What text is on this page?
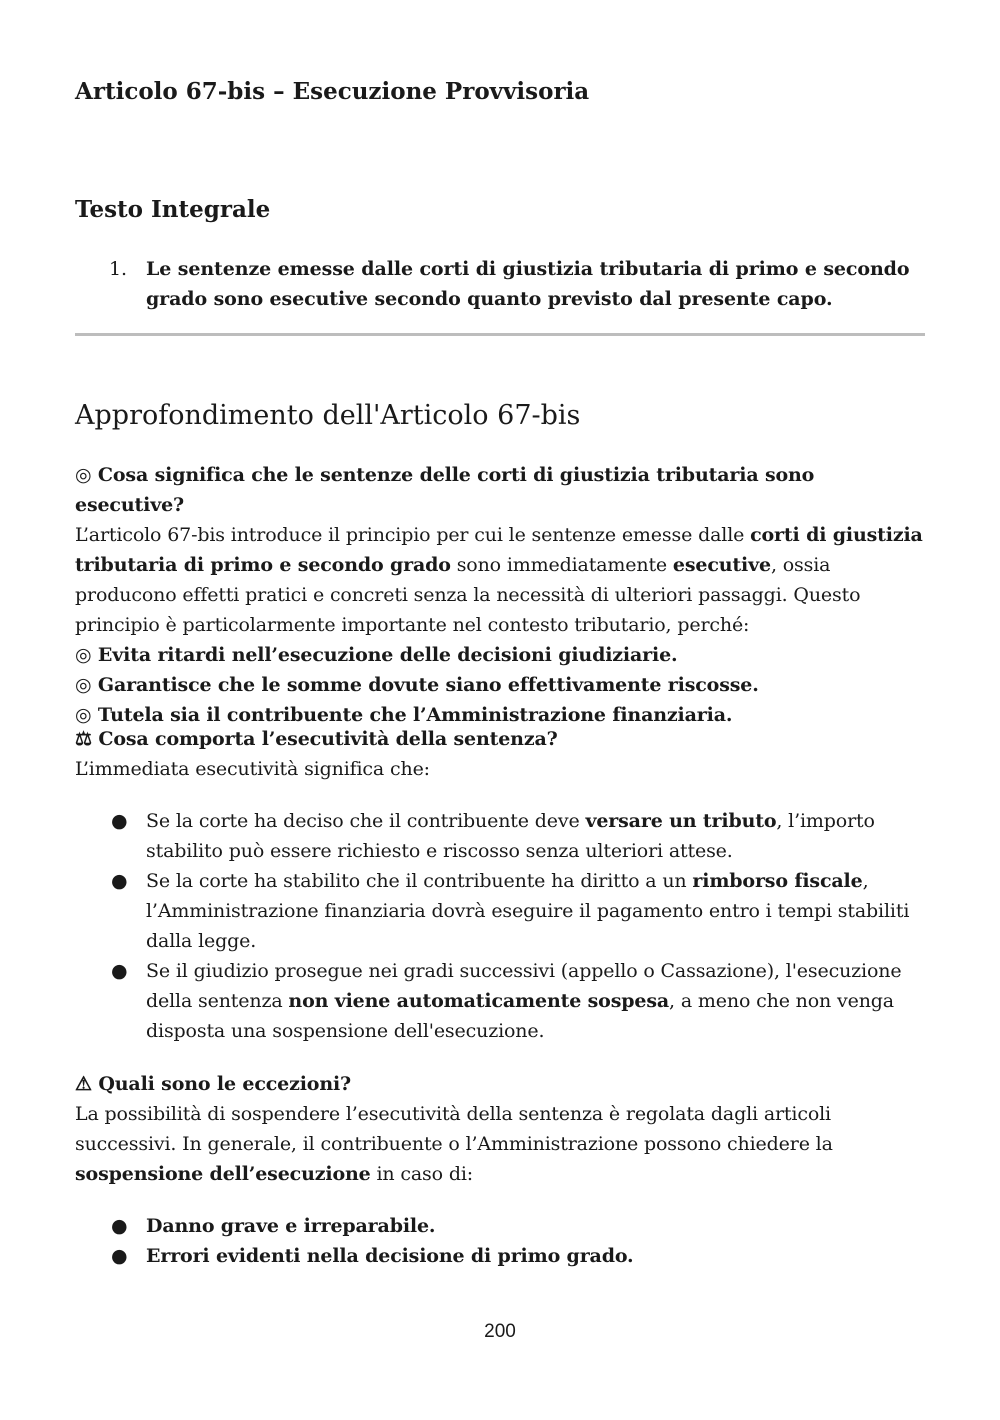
Articolo 67-bis – Esecuzione Provvisoria
Testo Integrale
1. Le sentenze emesse dalle corti di giustizia tributaria di primo e secondo grado sono esecutive secondo quanto previsto dal presente capo.
Approfondimento dell'Articolo 67-bis
◎ Cosa significa che le sentenze delle corti di giustizia tributaria sono esecutive?
L’articolo 67-bis introduce il principio per cui le sentenze emesse dalle corti di giustizia tributaria di primo e secondo grado sono immediatamente esecutive, ossia producono effetti pratici e concreti senza la necessità di ulteriori passaggi. Questo principio è particolarmente importante nel contesto tributario, perché:
◎ Evita ritardi nell’esecuzione delle decisioni giudiziarie.
◎ Garantisce che le somme dovute siano effettivamente riscosse.
◎ Tutela sia il contribuente che l’Amministrazione finanziaria.
⚖ Cosa comporta l’esecutività della sentenza?
L’immediata esecutività significa che:
● Se la corte ha deciso che il contribuente deve versare un tributo, l’importo stabilito può essere richiesto e riscosso senza ulteriori attese.
● Se la corte ha stabilito che il contribuente ha diritto a un rimborso fiscale, l’Amministrazione finanziaria dovrà eseguire il pagamento entro i tempi stabiliti dalla legge.
● Se il giudizio prosegue nei gradi successivi (appello o Cassazione), l'esecuzione della sentenza non viene automaticamente sospesa, a meno che non venga disposta una sospensione dell'esecuzione.
⚠ Quali sono le eccezioni?
La possibilità di sospendere l’esecutività della sentenza è regolata dagli articoli successivi. In generale, il contribuente o l’Amministrazione possono chiedere la sospensione dell’esecuzione in caso di:
● Danno grave e irreparabile.
● Errori evidenti nella decisione di primo grado.
200
